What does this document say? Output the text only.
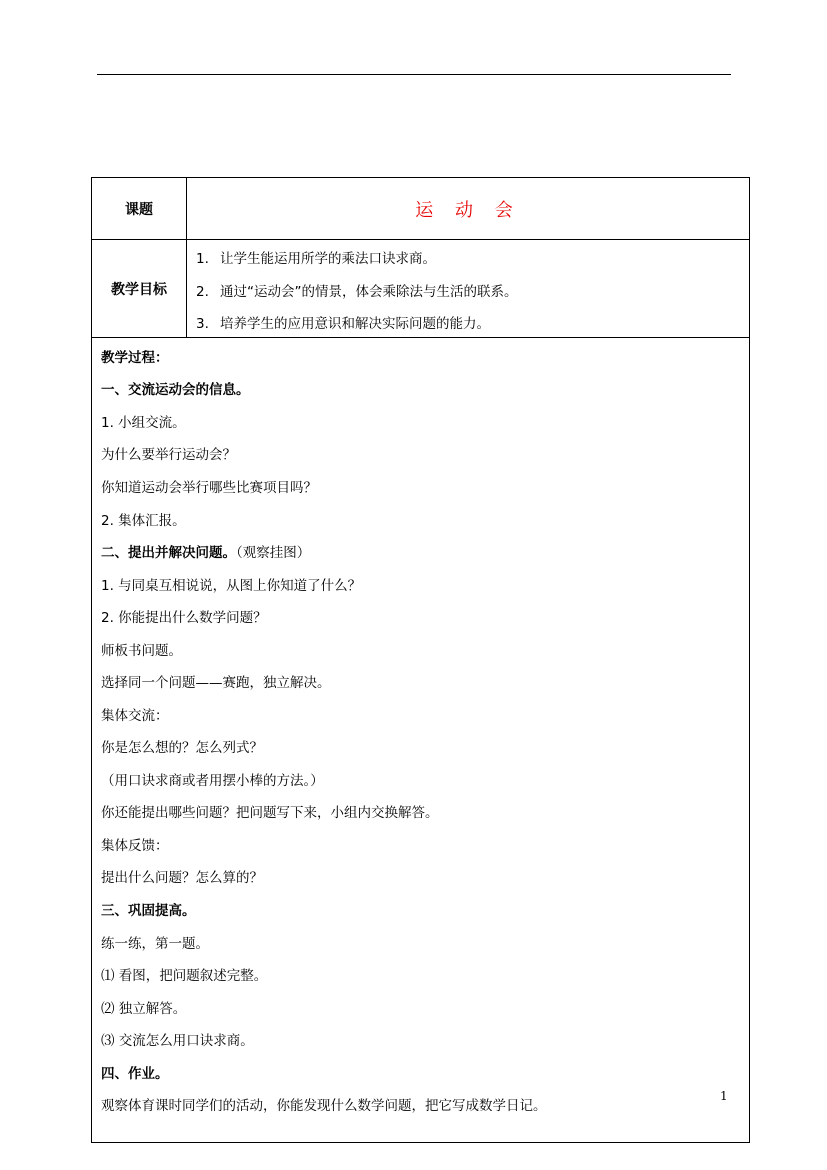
课题	运 动 会
教学目标
1. 让学生能运用所学的乘法口诀求商。
2. 通过“运动会”的情景，体会乘除法与生活的联系。
3. 培养学生的应用意识和解决实际问题的能力。
教学过程：
一、交流运动会的信息。
1. 小组交流。
为什么要举行运动会？
你知道运动会举行哪些比赛项目吗？
2. 集体汇报。
二、提出并解决问题。（观察挂图）
1. 与同桌互相说说，从图上你知道了什么？
2. 你能提出什么数学问题？
师板书问题。
选择同一个问题——赛跑，独立解决。
集体交流：
你是怎么想的？怎么列式？
（用口诀求商或者用摆小棒的方法。）
你还能提出哪些问题？把问题写下来，小组内交换解答。
集体反馈：
提出什么问题？怎么算的？
三、巩固提高。
练一练，第一题。
⑴ 看图，把问题叙述完整。
⑵ 独立解答。
⑶ 交流怎么用口诀求商。
四、作业。
观察体育课时同学们的活动，你能发现什么数学问题，把它写成数学日记。
1
